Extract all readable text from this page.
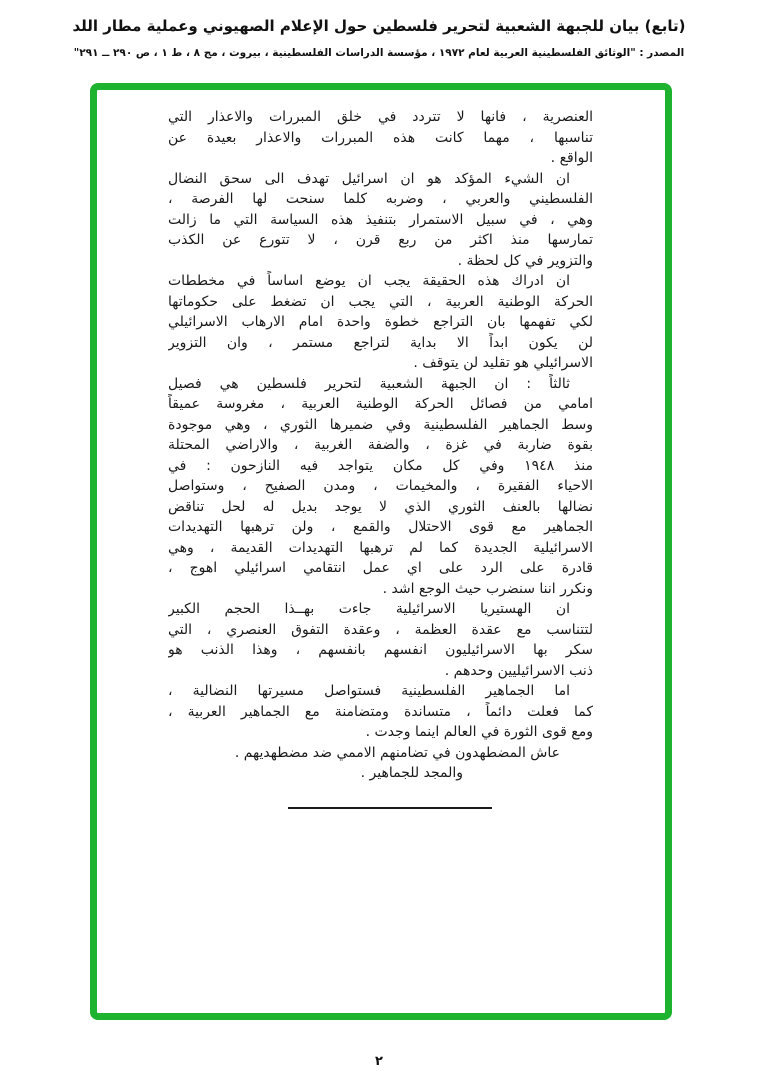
(تابع) بيان للجبهة الشعبية لتحرير فلسطين حول الإعلام الصهيوني وعملية مطار اللد
المصدر : "الوثائق الفلسطينية العربية لعام ١٩٧٢ ، مؤسسة الدراسات الفلسطينية ، بيروت ، مج ٨ ، ط ١ ، ص ٢٩٠ ــ ٢٩١"
العنصرية ، فانها لا تتردد في خلق المبررات والاعذار التي
تناسبها ، مهما كانت هذه المبررات والاعذار بعيدة عن
الواقع .
ان الشيء المؤكد هو ان اسرائيل تهدف الى سحق النضال
الفلسطيني والعربي ، وضربه كلما سنحت لها الفرصة ،
وهي ، في سبيل الاستمرار بتنفيذ هذه السياسة التي ما زالت
تمارسها منذ اكثر من ربع قرن ، لا تتورع عن الكذب
والتزوير في كل لحظة .
ان ادراك هذه الحقيقة يجب ان يوضع اساساً في مخططات
الحركة الوطنية العربية ، التي يجب ان تضغط على حكوماتها
لكي تفهمها بان التراجع خطوة واحدة امام الارهاب الاسرائيلي
لن يكون ابداً الا بداية لتراجع مستمر ، وان التزوير
الاسرائيلي هو تقليد لن يتوقف .
ثالثاً : ان الجبهة الشعبية لتحرير فلسطين هي فصيل
امامي من فصائل الحركة الوطنية العربية ، مغروسة عميقاً
وسط الجماهير الفلسطينية وفي ضميرها الثوري ، وهي موجودة
بقوة ضاربة في غزة ، والضفة الغربية ، والاراضي المحتلة
منذ ١٩٤٨ وفي كل مكان يتواجد فيه النازحون : في
الاحياء الفقيرة ، والمخيمات ، ومدن الصفيح ، وستواصل
نضالها بالعنف الثوري الذي لا يوجد بديل له لحل تناقض
الجماهير مع قوى الاحتلال والقمع ، ولن ترهبها التهديدات
الاسرائيلية الجديدة كما لم ترهبها التهديدات القديمة ، وهي
قادرة على الرد على اي عمل انتقامي اسرائيلي اهوج ،
ونكرر اننا سنضرب حيث الوجع اشد .
ان الهستيريا الاسرائيلية جاءت بهــذا الحجم الكبير
لتتناسب مع عقدة العظمة ، وعقدة التفوق العنصري ، التي
سكر بها الاسرائيليون انفسهم بانفسهم ، وهذا الذنب هو
ذنب الاسرائيليين وحدهم .
اما الجماهير الفلسطينية فستواصل مسيرتها النضالية ،
كما فعلت دائماً ، متساندة ومتضامنة مع الجماهير العربية ،
ومع قوى الثورة في العالم اينما وجدت .
عاش المضطهدون في تضامنهم الاممي ضد مضطهديهم .
والمجد للجماهير .
٢
